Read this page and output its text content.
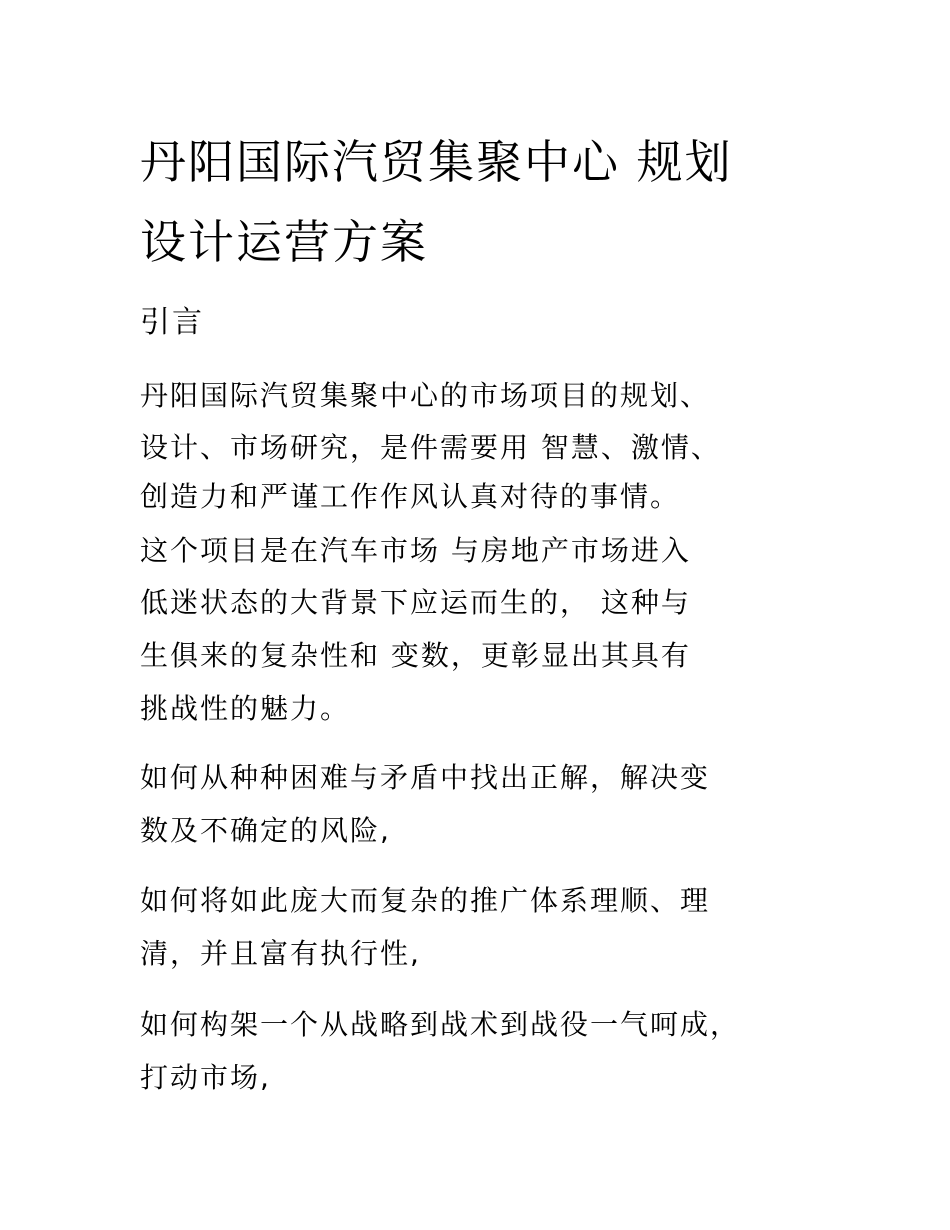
丹阳国际汽贸集聚中心 规划
设计运营方案
引言
丹阳国际汽贸集聚中心的市场项目的规划、
设计、市场研究，是件需要用 智慧、激情、
创造力和严谨工作作风认真对待的事情。
这个项目是在汽车市场 与房地产市场进入
低迷状态的大背景下应运而生的， 这种与
生俱来的复杂性和 变数，更彰显出其具有
挑战性的魅力。
如何从种种困难与矛盾中找出正解，解决变
数及不确定的风险,
如何将如此庞大而复杂的推广体系理顺、理
清，并且富有执行性,
如何构架一个从战略到战术到战役一气呵成，
打动市场,
